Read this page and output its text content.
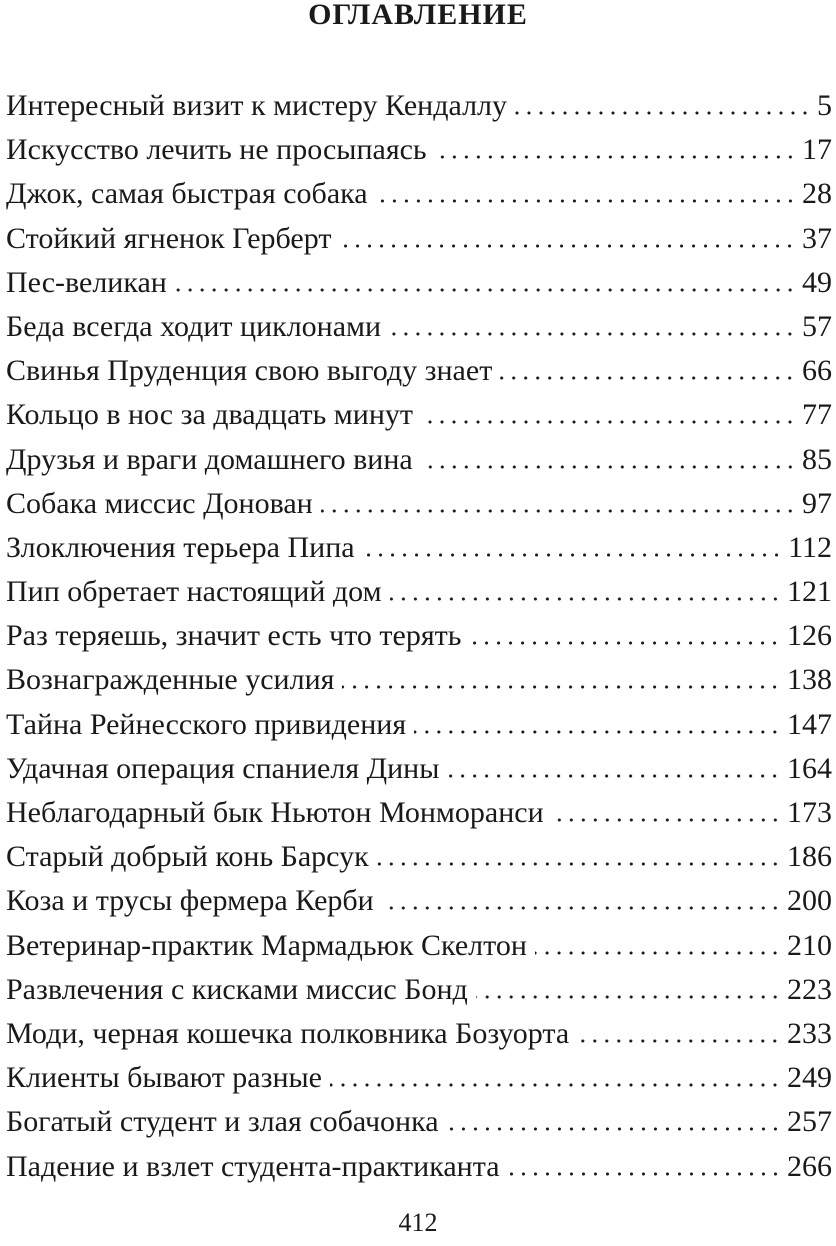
ОГЛАВЛЕНИЕ
Интересный визит к мистеру Кендаллу	5
Искусство лечить не просыпаясь	17
Джок, самая быстрая собака	28
Стойкий ягненок Герберт	37
Пес-великан	49
Беда всегда ходит циклонами	57
Свинья Пруденция свою выгоду знает	66
Кольцо в нос за двадцать минут	77
Друзья и враги домашнего вина	85
Собака миссис Донован	97
Злоключения терьера Пипа	112
Пип обретает настоящий дом	121
Раз теряешь, значит есть что терять	126
Вознагражденные усилия	138
Тайна Рейнесского привидения	147
Удачная операция спаниеля Дины	164
Неблагодарный бык Ньютон Монморанси	173
Старый добрый конь Барсук	186
Коза и трусы фермера Керби	200
Ветеринар-практик Мармадьюк Скелтон	210
Развлечения с кисками миссис Бонд	223
Моди, черная кошечка полковника Бозуорта	233
Клиенты бывают разные	249
Богатый студент и злая собачонка	257
Падение и взлет студента-практиканта	266
412
